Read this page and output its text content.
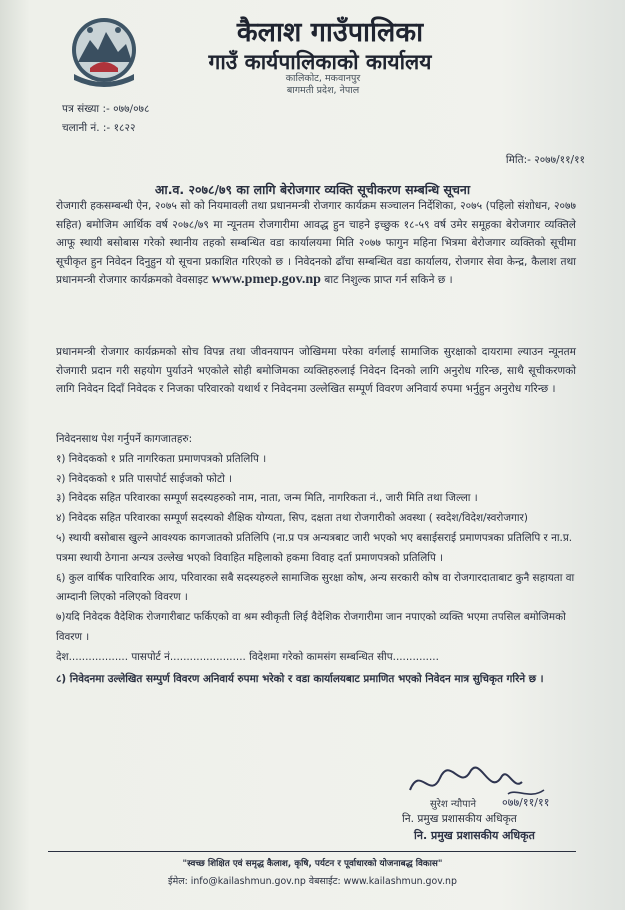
कैलाश गाउँपालिका
गाउँ कार्यपालिकाको कार्यालय
कालिकोट, मकवानपुर
बागमती प्रदेश, नेपाल
पत्र संख्या :- ०७७/०७८
चलानी नं. :- १८२२
मिति:- २०७७/११/११
आ.व. २०७८/७९ का लागि बेरोजगार व्यक्ति सूचीकरण सम्बन्धि सूचना
रोजगारी हकसम्बन्धी ऐन, २०७५ सो को नियमावली तथा प्रधानमन्त्री रोजगार कार्यक्रम सञ्चालन निर्देशिका, २०७५ (पहिलो संशोधन, २०७७ सहित) बमोजिम आर्थिक वर्ष २०७८/७९ मा न्यूनतम रोजगारीमा आवद्ध हुन चाहने इच्छुक १८-५९ वर्ष उमेर समूहका बेरोजगार व्यक्तिले आफू स्थायी बसोबास गरेको स्थानीय तहको सम्बन्धित वडा कार्यालयमा मिति २०७७ फागुन महिना भित्रमा बेरोजगार व्यक्तिको सूचीमा सूचीकृत हुन निवेदन दिनुहुन यो सूचना प्रकाशित गरिएको छ । निवेदनको ढाँचा सम्बन्धित वडा कार्यालय, रोजगार सेवा केन्द्र, कैलाश तथा प्रधानमन्त्री रोजगार कार्यक्रमको वेवसाइट www.pmep.gov.np बाट निशुल्क प्राप्त गर्न सकिने छ ।
प्रधानमन्त्री रोजगार कार्यक्रमको सोच विपन्न तथा जीवनयापन जोखिममा परेका वर्गलाई सामाजिक सुरक्षाको दायरामा ल्याउन न्यूनतम रोजगारी प्रदान गरी सहयोग पुर्याउने भएकोले सोही बमोजिमका व्यक्तिहरुलाई निवेदन दिनको लागि अनुरोध गरिन्छ, साथै सूचीकरणको लागि निवेदन दिदाँ निवेदक र निजका परिवारको यथार्थ र निवेदनमा उल्लेखित सम्पूर्ण विवरण अनिवार्य रुपमा भर्नुहुन अनुरोध गरिन्छ ।
निवेदनसाथ पेश गर्नुपर्ने कागजातहरु:
१) निवेदकको १ प्रति नागरिकता प्रमाणपत्रको प्रतिलिपि ।
२) निवेदकको १ प्रति पासपोर्ट साईजको फोटो ।
३) निवेदक सहित परिवारका सम्पूर्ण सदस्यहरुको नाम, नाता, जन्म मिति, नागरिकता नं., जारी मिति तथा जिल्ला ।
४) निवेदक सहित परिवारका सम्पूर्ण सदस्यको शैक्षिक योग्यता, सिप, दक्षता तथा रोजगारीको अवस्था ( स्वदेश/विदेश/स्वरोजगार)
५) स्थायी बसोबास खुल्ने आवश्यक कागजातको प्रतिलिपि (ना.प्र पत्र अन्यत्रबाट जारी भएको भए बसाईसराई प्रमाणपत्रका प्रतिलिपि र ना.प्र. पत्रमा स्थायी ठेगाना अन्यत्र उल्लेख भएको विवाहित महिलाको हकमा विवाह दर्ता प्रमाणपत्रको प्रतिलिपि ।
६) कुल वार्षिक पारिवारिक आय, परिवारका सबै सदस्यहरुले सामाजिक सुरक्षा कोष, अन्य सरकारी कोष वा रोजगारदाताबाट कुनै सहायता वा आम्दानी लिएको नलिएको विवरण ।
७)यदि निवेदक वैदेशिक रोजगारीबाट फर्किएको वा श्रम स्वीकृती लिई वैदेशिक रोजगारीमा जान नपाएको व्यक्ति भएमा तपसिल बमोजिमको विवरण ।
देश.................. पासपोर्ट नं....................... विदेशमा गरेको कामसंग सम्बन्धित सीप..............
८) निवेदनमा उल्लेखित सम्पुर्ण विवरण अनिवार्य रुपमा भरेको र वडा कार्यालयबाट प्रमाणित भएको निवेदन मात्र सुचिकृत गरिने छ ।
०७७/११/११
सुरेश न्यौपाने
नि. प्रमुख प्रशासकीय अधिकृत
नि. प्रमुख प्रशासकीय अधिकृत
"स्वच्छ शिक्षित एवं समृद्ध कैलाश, कृषि, पर्यटन र पूर्वाधारको योजनाबद्ध विकास"
ईमेल: info@kailashmun.gov.np वेबसाईट: www.kailashmun.gov.np
